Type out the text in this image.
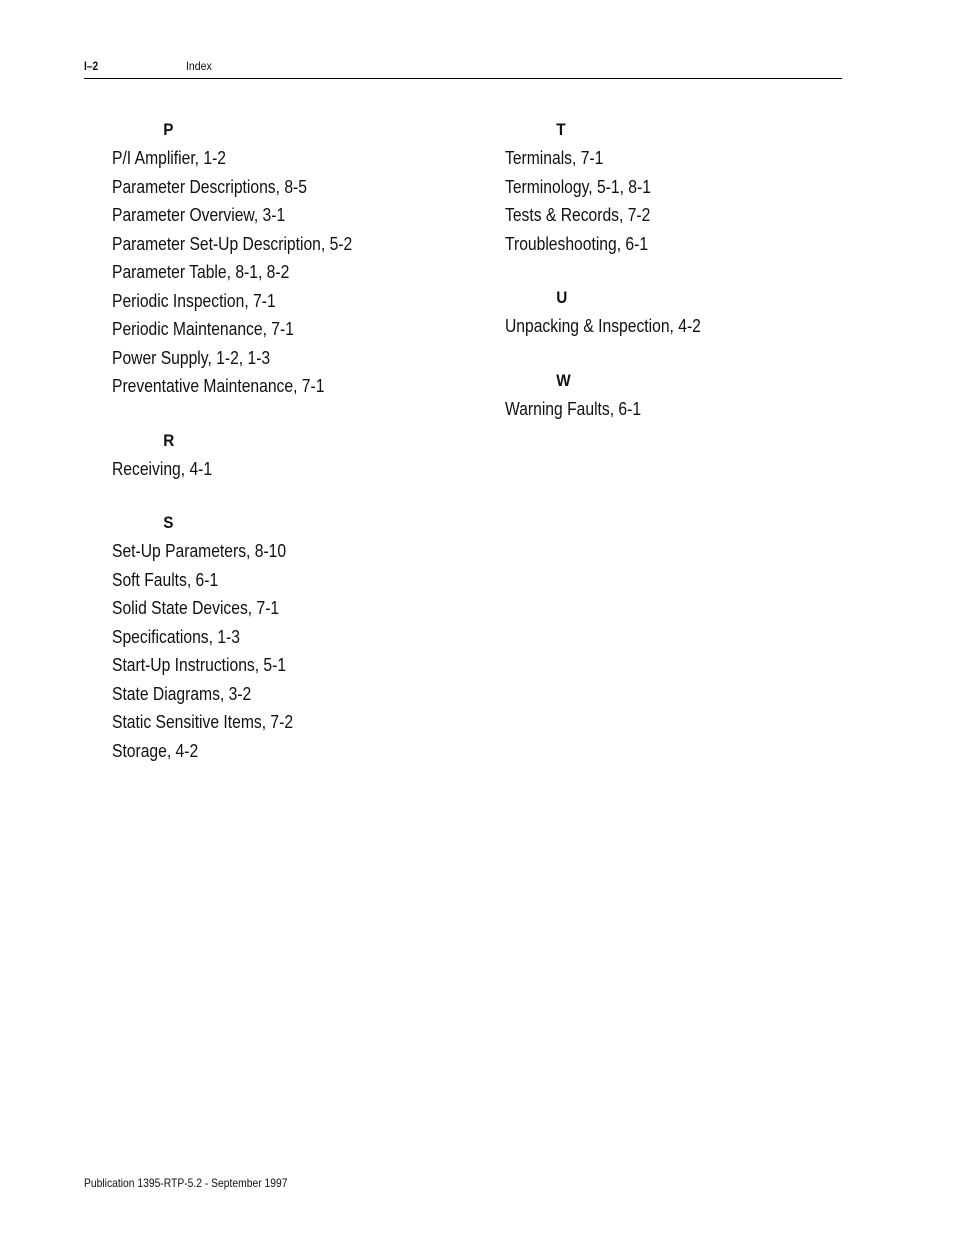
I–2	Index
P
P/I Amplifier, 1-2
Parameter Descriptions, 8-5
Parameter Overview, 3-1
Parameter Set-Up Description, 5-2
Parameter Table, 8-1, 8-2
Periodic Inspection, 7-1
Periodic Maintenance, 7-1
Power Supply, 1-2, 1-3
Preventative Maintenance, 7-1
R
Receiving, 4-1
S
Set-Up Parameters, 8-10
Soft Faults, 6-1
Solid State Devices, 7-1
Specifications, 1-3
Start-Up Instructions, 5-1
State Diagrams, 3-2
Static Sensitive Items, 7-2
Storage, 4-2
T
Terminals, 7-1
Terminology, 5-1, 8-1
Tests & Records, 7-2
Troubleshooting, 6-1
U
Unpacking & Inspection, 4-2
W
Warning Faults, 6-1
Publication 1395-RTP-5.2 - September 1997
